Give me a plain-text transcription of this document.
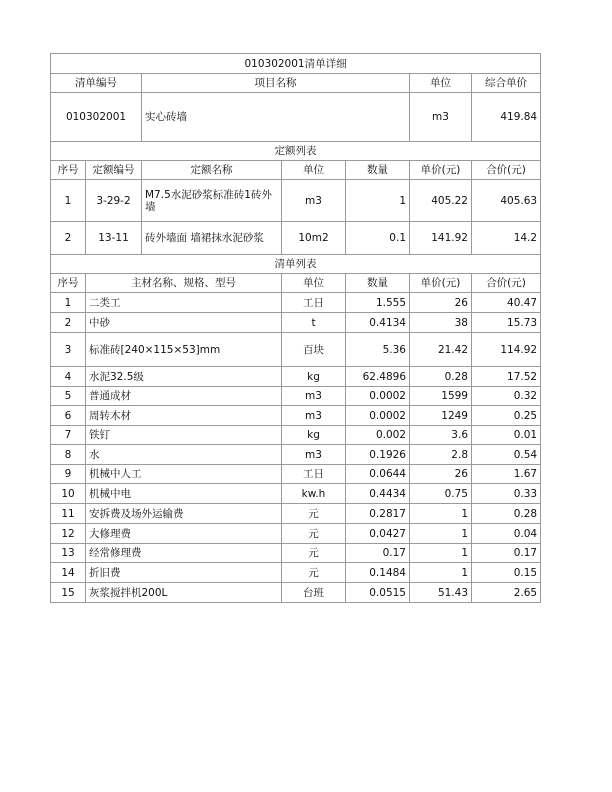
010302001清单详细						
清单编号		项目名称			单位	综合单价
010302001		实心砖墙			m3	419.84
定额列表						
序号	定额编号	定额名称	单位	数量	单价(元)	合价(元)
1	3-29-2	M7.5水泥砂浆标准砖1砖外墙	m3	1	405.22	405.63
2	13-11	砖外墙面 墙裙抹水泥砂浆	10m2	0.1	141.92	14.2
清单列表						
序号	主材名称、规格、型号		单位	数量	单价(元)	合价(元)
1	二类工		工日	1.555	26	40.47
2	中砂		t	0.4134	38	15.73
3	标准砖[240×115×53]mm		百块	5.36	21.42	114.92
4	水泥32.5级		kg	62.4896	0.28	17.52
5	普通成材		m3	0.0002	1599	0.32
6	周转木材		m3	0.0002	1249	0.25
7	铁钉		kg	0.002	3.6	0.01
8	水		m3	0.1926	2.8	0.54
9	机械中人工		工日	0.0644	26	1.67
10	机械中电		kw.h	0.4434	0.75	0.33
11	安拆费及场外运输费		元	0.2817	1	0.28
12	大修理费		元	0.0427	1	0.04
13	经常修理费		元	0.17	1	0.17
14	折旧费		元	0.1484	1	0.15
15	灰浆搅拌机200L		台班	0.0515	51.43	2.65
